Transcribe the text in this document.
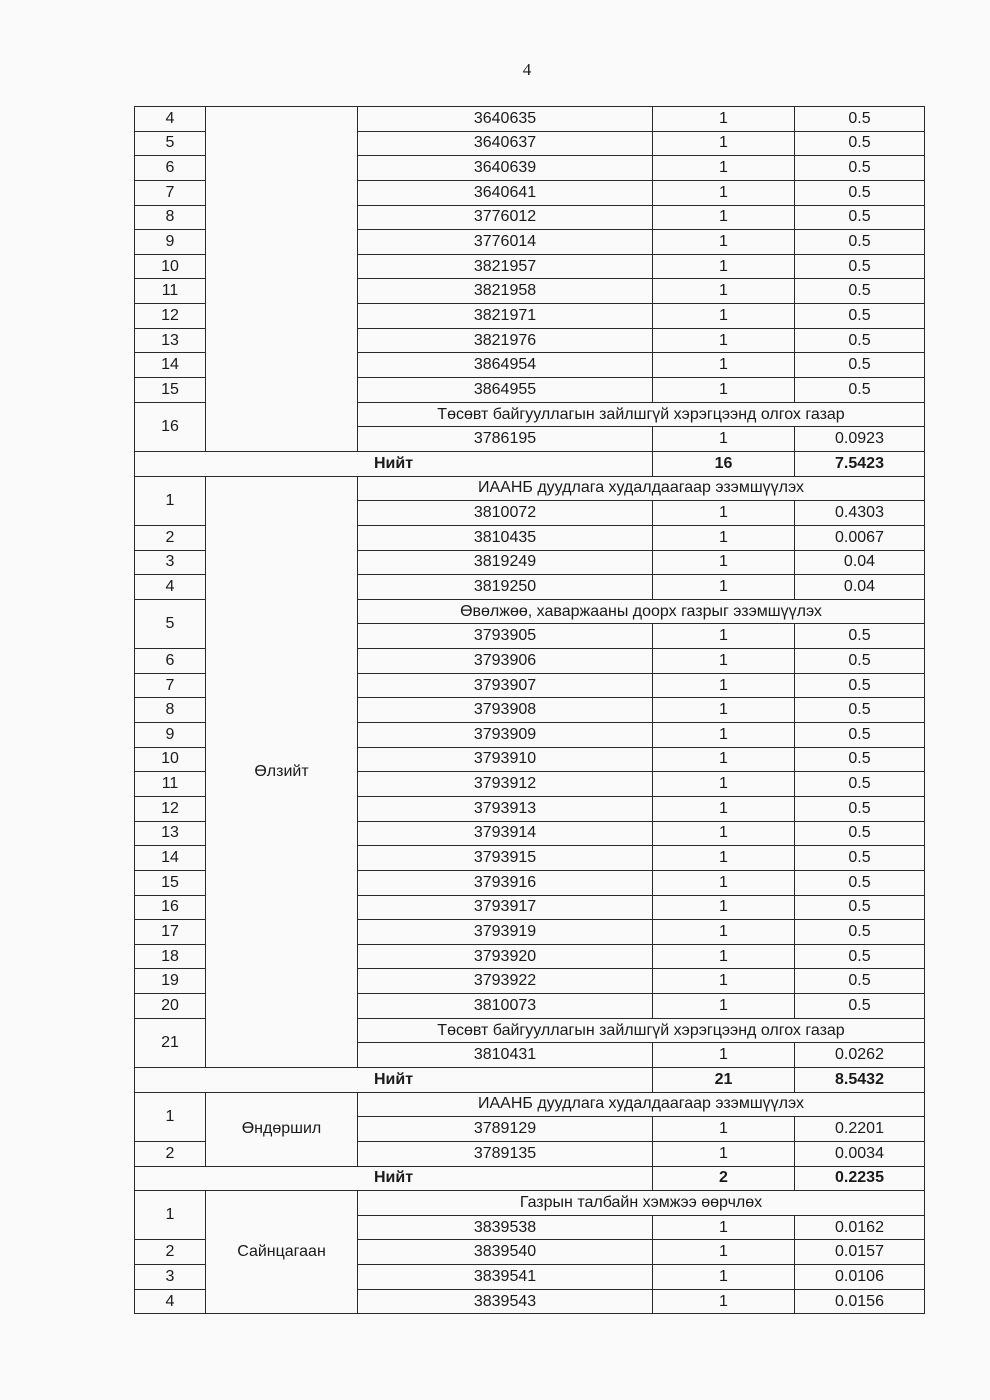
4
4		3640635	1	0.5
5		3640637	1	0.5
6		3640639	1	0.5
7		3640641	1	0.5
8		3776012	1	0.5
9		3776014	1	0.5
10		3821957	1	0.5
11		3821958	1	0.5
12		3821971	1	0.5
13		3821976	1	0.5
14		3864954	1	0.5
15		3864955	1	0.5
16		Төсөвт байгууллагын зайлшгүй хэрэгцээнд олгох газар		
		3786195	1	0.0923
Нийт			16	7.5423
1	Өлзийт	ИААНБ дуудлага худалдаагаар эзэмшүүлэх		
		3810072	1	0.4303
2		3810435	1	0.0067
3		3819249	1	0.04
4		3819250	1	0.04
5		Өвөлжөө, хаваржааны доорх газрыг эзэмшүүлэх		
		3793905	1	0.5
6		3793906	1	0.5
7		3793907	1	0.5
8		3793908	1	0.5
9		3793909	1	0.5
10		3793910	1	0.5
11		3793912	1	0.5
12		3793913	1	0.5
13		3793914	1	0.5
14		3793915	1	0.5
15		3793916	1	0.5
16		3793917	1	0.5
17		3793919	1	0.5
18		3793920	1	0.5
19		3793922	1	0.5
20		3810073	1	0.5
21		Төсөвт байгууллагын зайлшгүй хэрэгцээнд олгох газар		
		3810431	1	0.0262
Нийт			21	8.5432
1	Өндөршил	ИААНБ дуудлага худалдаагаар эзэмшүүлэх		
		3789129	1	0.2201
2		3789135	1	0.0034
Нийт			2	0.2235
1	Сайнцагаан	Газрын талбайн хэмжээ өөрчлөх		
		3839538	1	0.0162
2		3839540	1	0.0157
3		3839541	1	0.0106
4		3839543	1	0.0156
